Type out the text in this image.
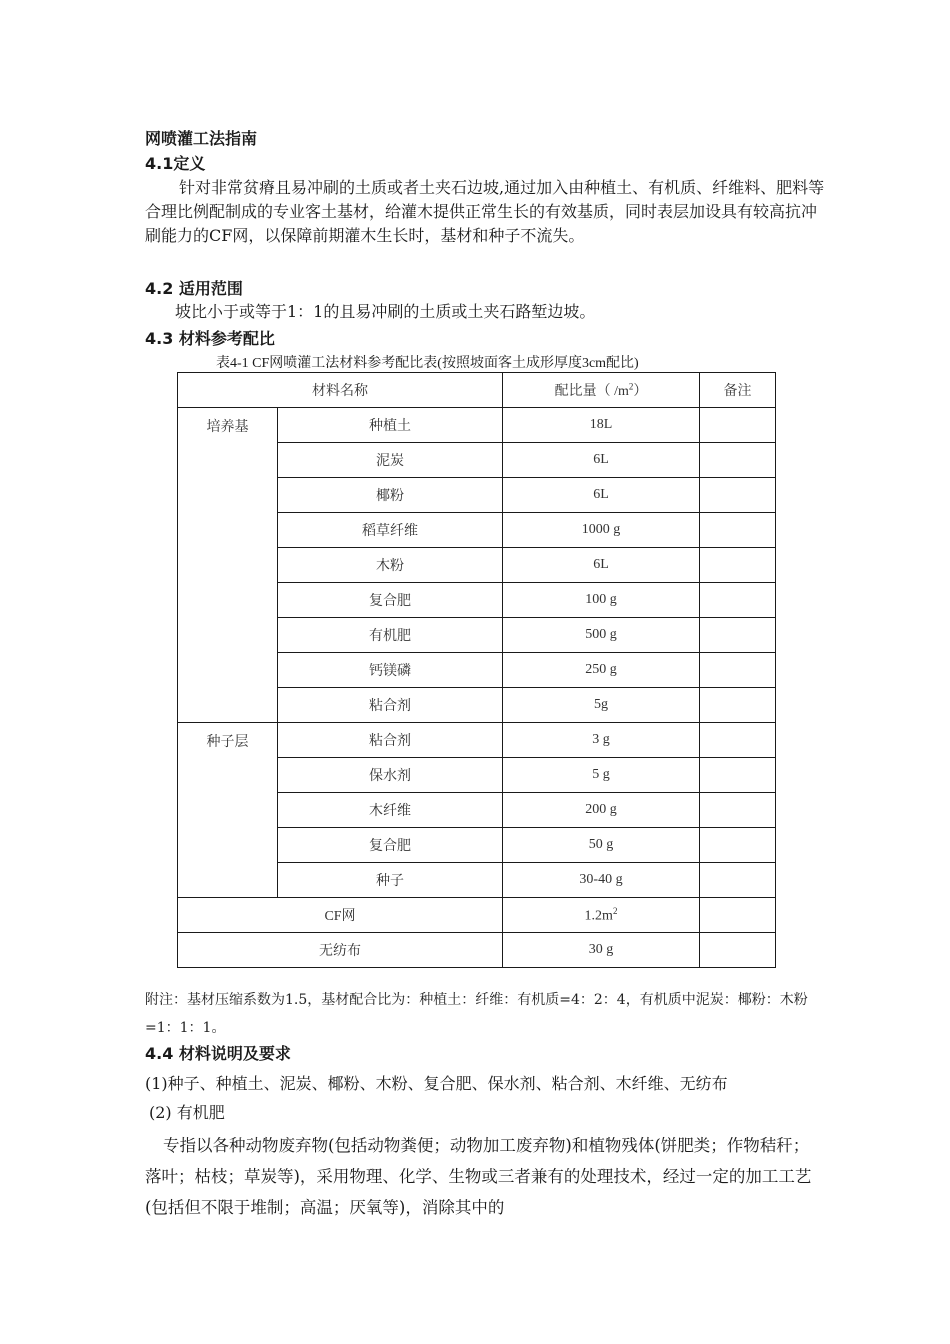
网喷灌工法指南
4.1定义
针对非常贫瘠且易冲刷的土质或者土夹石边坡,通过加入由种植土、有机质、纤维料、肥料等合理比例配制成的专业客土基材，给灌木提供正常生长的有效基质，同时表层加设具有较高抗冲刷能力的CF网，以保障前期灌木生长时，基材和种子不流失。
4.2 适用范围
坡比小于或等于1：1的且易冲刷的土质或土夹石路堑边坡。
4.3 材料参考配比
表4-1 CF网喷灌工法材料参考配比表(按照坡面客土成形厚度3cm配比)
材料名称		配比量（ $/m^2$）	备注
培养基	种植土	18L	
	泥炭	6L	
	椰粉	6L	
	稻草纤维	1000 g	
	木粉	6L	
	复合肥	100 g	
	有机肥	500 g	
	钙镁磷	250 g	
	粘合剂	5g	
种子层	粘合剂	3 g	
	保水剂	5 g	
	木纤维	200 g	
	复合肥	50 g	
	种子	30-40 g	
CF网		$1.2m^2$	
无纺布		30 g	
附注：基材压缩系数为1.5，基材配合比为：种植土：纤维：有机质=4：2：4，有机质中泥炭：椰粉：木粉=1：1：1。
4.4 材料说明及要求
(1)种子、种植土、泥炭、椰粉、木粉、复合肥、保水剂、粘合剂、木纤维、无纺布
(2) 有机肥
专指以各种动物废弃物(包括动物粪便；动物加工废弃物)和植物残体(饼肥类；作物秸秆；落叶；枯枝；草炭等)，采用物理、化学、生物或三者兼有的处理技术，经过一定的加工工艺(包括但不限于堆制；高温；厌氧等)，消除其中的
